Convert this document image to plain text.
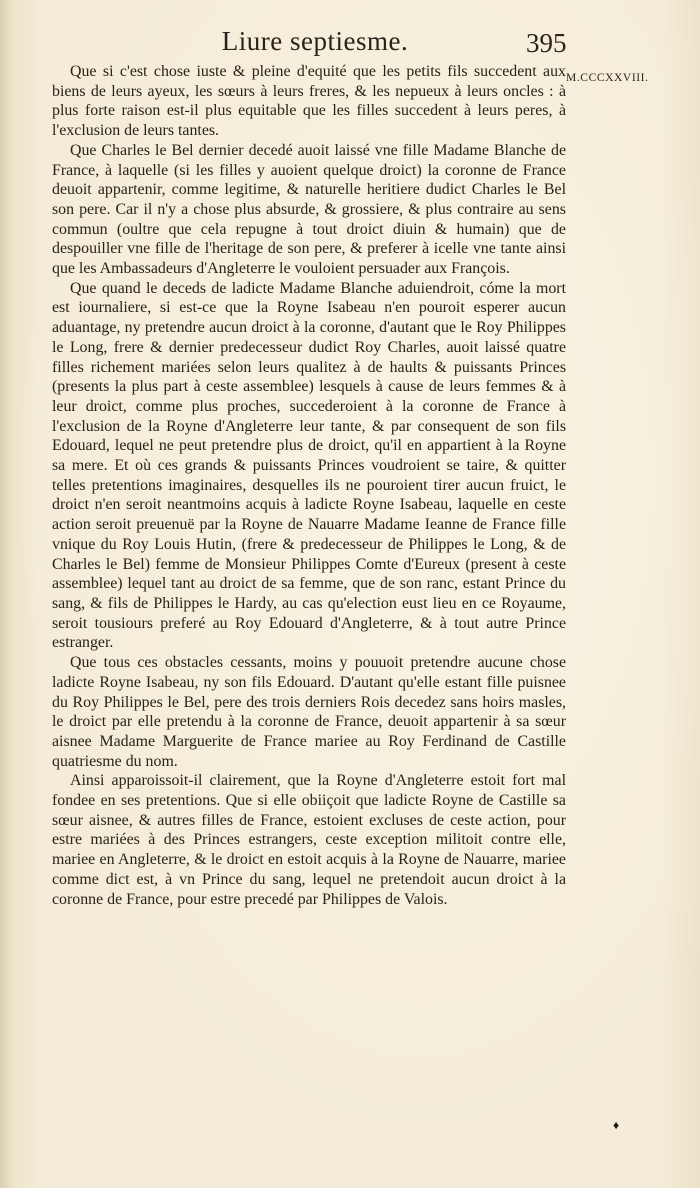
Liure septiesme.	395
M.CCCXXVIII.

Que si c'est chose iuste & pleine d'equité que les petits fils succedent aux biens de leurs ayeux, les sœurs à leurs freres, & les nepueux à leurs oncles : à plus forte raison est-il plus equitable que les filles succedent à leurs peres, à l'exclusion de leurs tantes.

Que Charles le Bel dernier decedé auoit laissé vne fille Madame Blanche de France, à laquelle (si les filles y auoient quelque droict) la coronne de France deuoit appartenir, comme legitime, & naturelle heritiere dudict Charles le Bel son pere. Car il n'y a chose plus absurde, & grossiere, & plus contraire au sens commun (oultre que cela repugne à tout droict diuin & humain) que de despouiller vne fille de l'heritage de son pere, & preferer à icelle vne tante ainsi que les Ambassadeurs d'Angleterre le vouloient persuader aux François.

Que quand le deceds de ladicte Madame Blanche aduiendroit, cóme la mort est iournaliere, si est-ce que la Royne Isabeau n'en pouroit esperer aucun aduantage, ny pretendre aucun droict à la coronne, d'autant que le Roy Philippes le Long, frere & dernier predecesseur dudict Roy Charles, auoit laissé quatre filles richement mariées selon leurs qualitez à de haults & puissants Princes (presents la plus part à ceste assemblee) lesquels à cause de leurs femmes & à leur droict, comme plus proches, succederoient à la coronne de France à l'exclusion de la Royne d'Angleterre leur tante, & par consequent de son fils Edouard, lequel ne peut pretendre plus de droict, qu'il en appartient à la Royne sa mere. Et où ces grands & puissants Princes voudroient se taire, & quitter telles pretentions imaginaires, desquelles ils ne pouroient tirer aucun fruict, le droict n'en seroit neantmoins acquis à ladicte Royne Isabeau, laquelle en ceste action seroit preuenuë par la Royne de Nauarre Madame Ieanne de France fille vnique du Roy Louis Hutin, (frere & predecesseur de Philippes le Long, & de Charles le Bel) femme de Monsieur Philippes Comte d'Eureux (present à ceste assemblee) lequel tant au droict de sa femme, que de son ranc, estant Prince du sang, & fils de Philippes le Hardy, au cas qu'election eust lieu en ce Royaume, seroit tousiours preferé au Roy Edouard d'Angleterre, & à tout autre Prince estranger.

Que tous ces obstacles cessants, moins y pouuoit pretendre aucune chose ladicte Royne Isabeau, ny son fils Edouard. D'autant qu'elle estant fille puisnee du Roy Philippes le Bel, pere des trois derniers Rois decedez sans hoirs masles, le droict par elle pretendu à la coronne de France, deuoit appartenir à sa sœur aisnee Madame Marguerite de France mariee au Roy Ferdinand de Castille quatriesme du nom.

Ainsi apparoissoit-il clairement, que la Royne d'Angleterre estoit fort mal fondee en ses pretentions. Que si elle obiiçoit que ladicte Royne de Castille sa sœur aisnee, & autres filles de France, estoient excluses de ceste action, pour estre mariées à des Princes estrangers, ceste exception militoit contre elle, mariee en Angleterre, & le droict en estoit acquis à la Royne de Nauarre, mariee comme dict est, à vn Prince du sang, lequel ne pretendoit aucun droict à la coronne de France, pour estre precedé par Philippes de Valois.

♦
